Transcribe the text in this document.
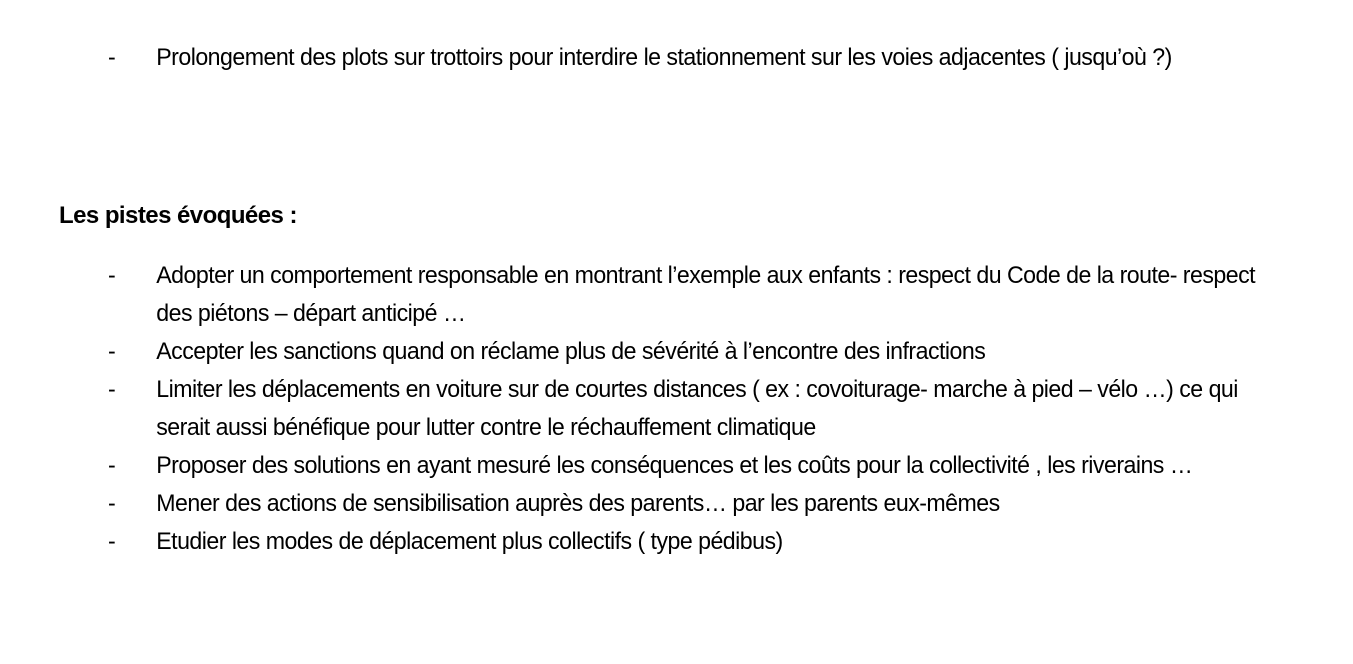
- Prolongement des plots sur trottoirs pour interdire le stationnement sur les voies adjacentes ( jusqu’où ?)
Les pistes évoquées :
- Adopter un comportement responsable en montrant l’exemple aux enfants : respect du Code de la route- respect des piétons – départ anticipé …
- Accepter les sanctions quand on réclame plus de sévérité à l’encontre des infractions
- Limiter les déplacements en voiture sur de courtes distances ( ex : covoiturage- marche à pied – vélo …) ce qui serait aussi bénéfique pour lutter contre le réchauffement climatique
- Proposer des solutions en ayant mesuré les conséquences et les coûts pour la collectivité , les riverains …
- Mener des actions de sensibilisation auprès des parents… par les parents eux-mêmes
- Etudier les modes de déplacement plus collectifs ( type pédibus)
